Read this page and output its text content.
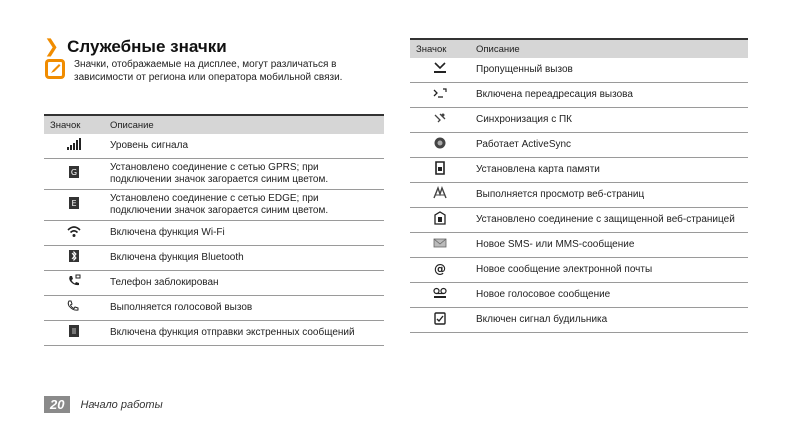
❯ Служебные значки
Значки, отображаемые на дисплее, могут различаться в зависимости от региона или оператора мобильной связи.
Значок	Описание
	Уровень сигнала

G	Установлено соединение с сетью GPRS; при подключении значок загорается синим цветом.

E	Установлено соединение с сетью EDGE; при подключении значок загорается синим цветом.
	Включена функция Wi-Fi
	Включена функция Bluetooth
	Телефон заблокирован
	Выполняется голосовой вызов
	Включена функция отправки экстренных сообщений
Значок	Описание
	Пропущенный вызов
	Включена переадресация вызова
	Синхронизация с ПК
	Работает ActiveSync
	Установлена карта памяти
	Выполняется просмотр веб-страниц
	Установлено соединение с защищенной веб-страницей
	Новое SMS- или MMS-сообщение

@	Новое сообщение электронной почты
	Новое голосовое сообщение
	Включен сигнал будильника
20	Начало работы
